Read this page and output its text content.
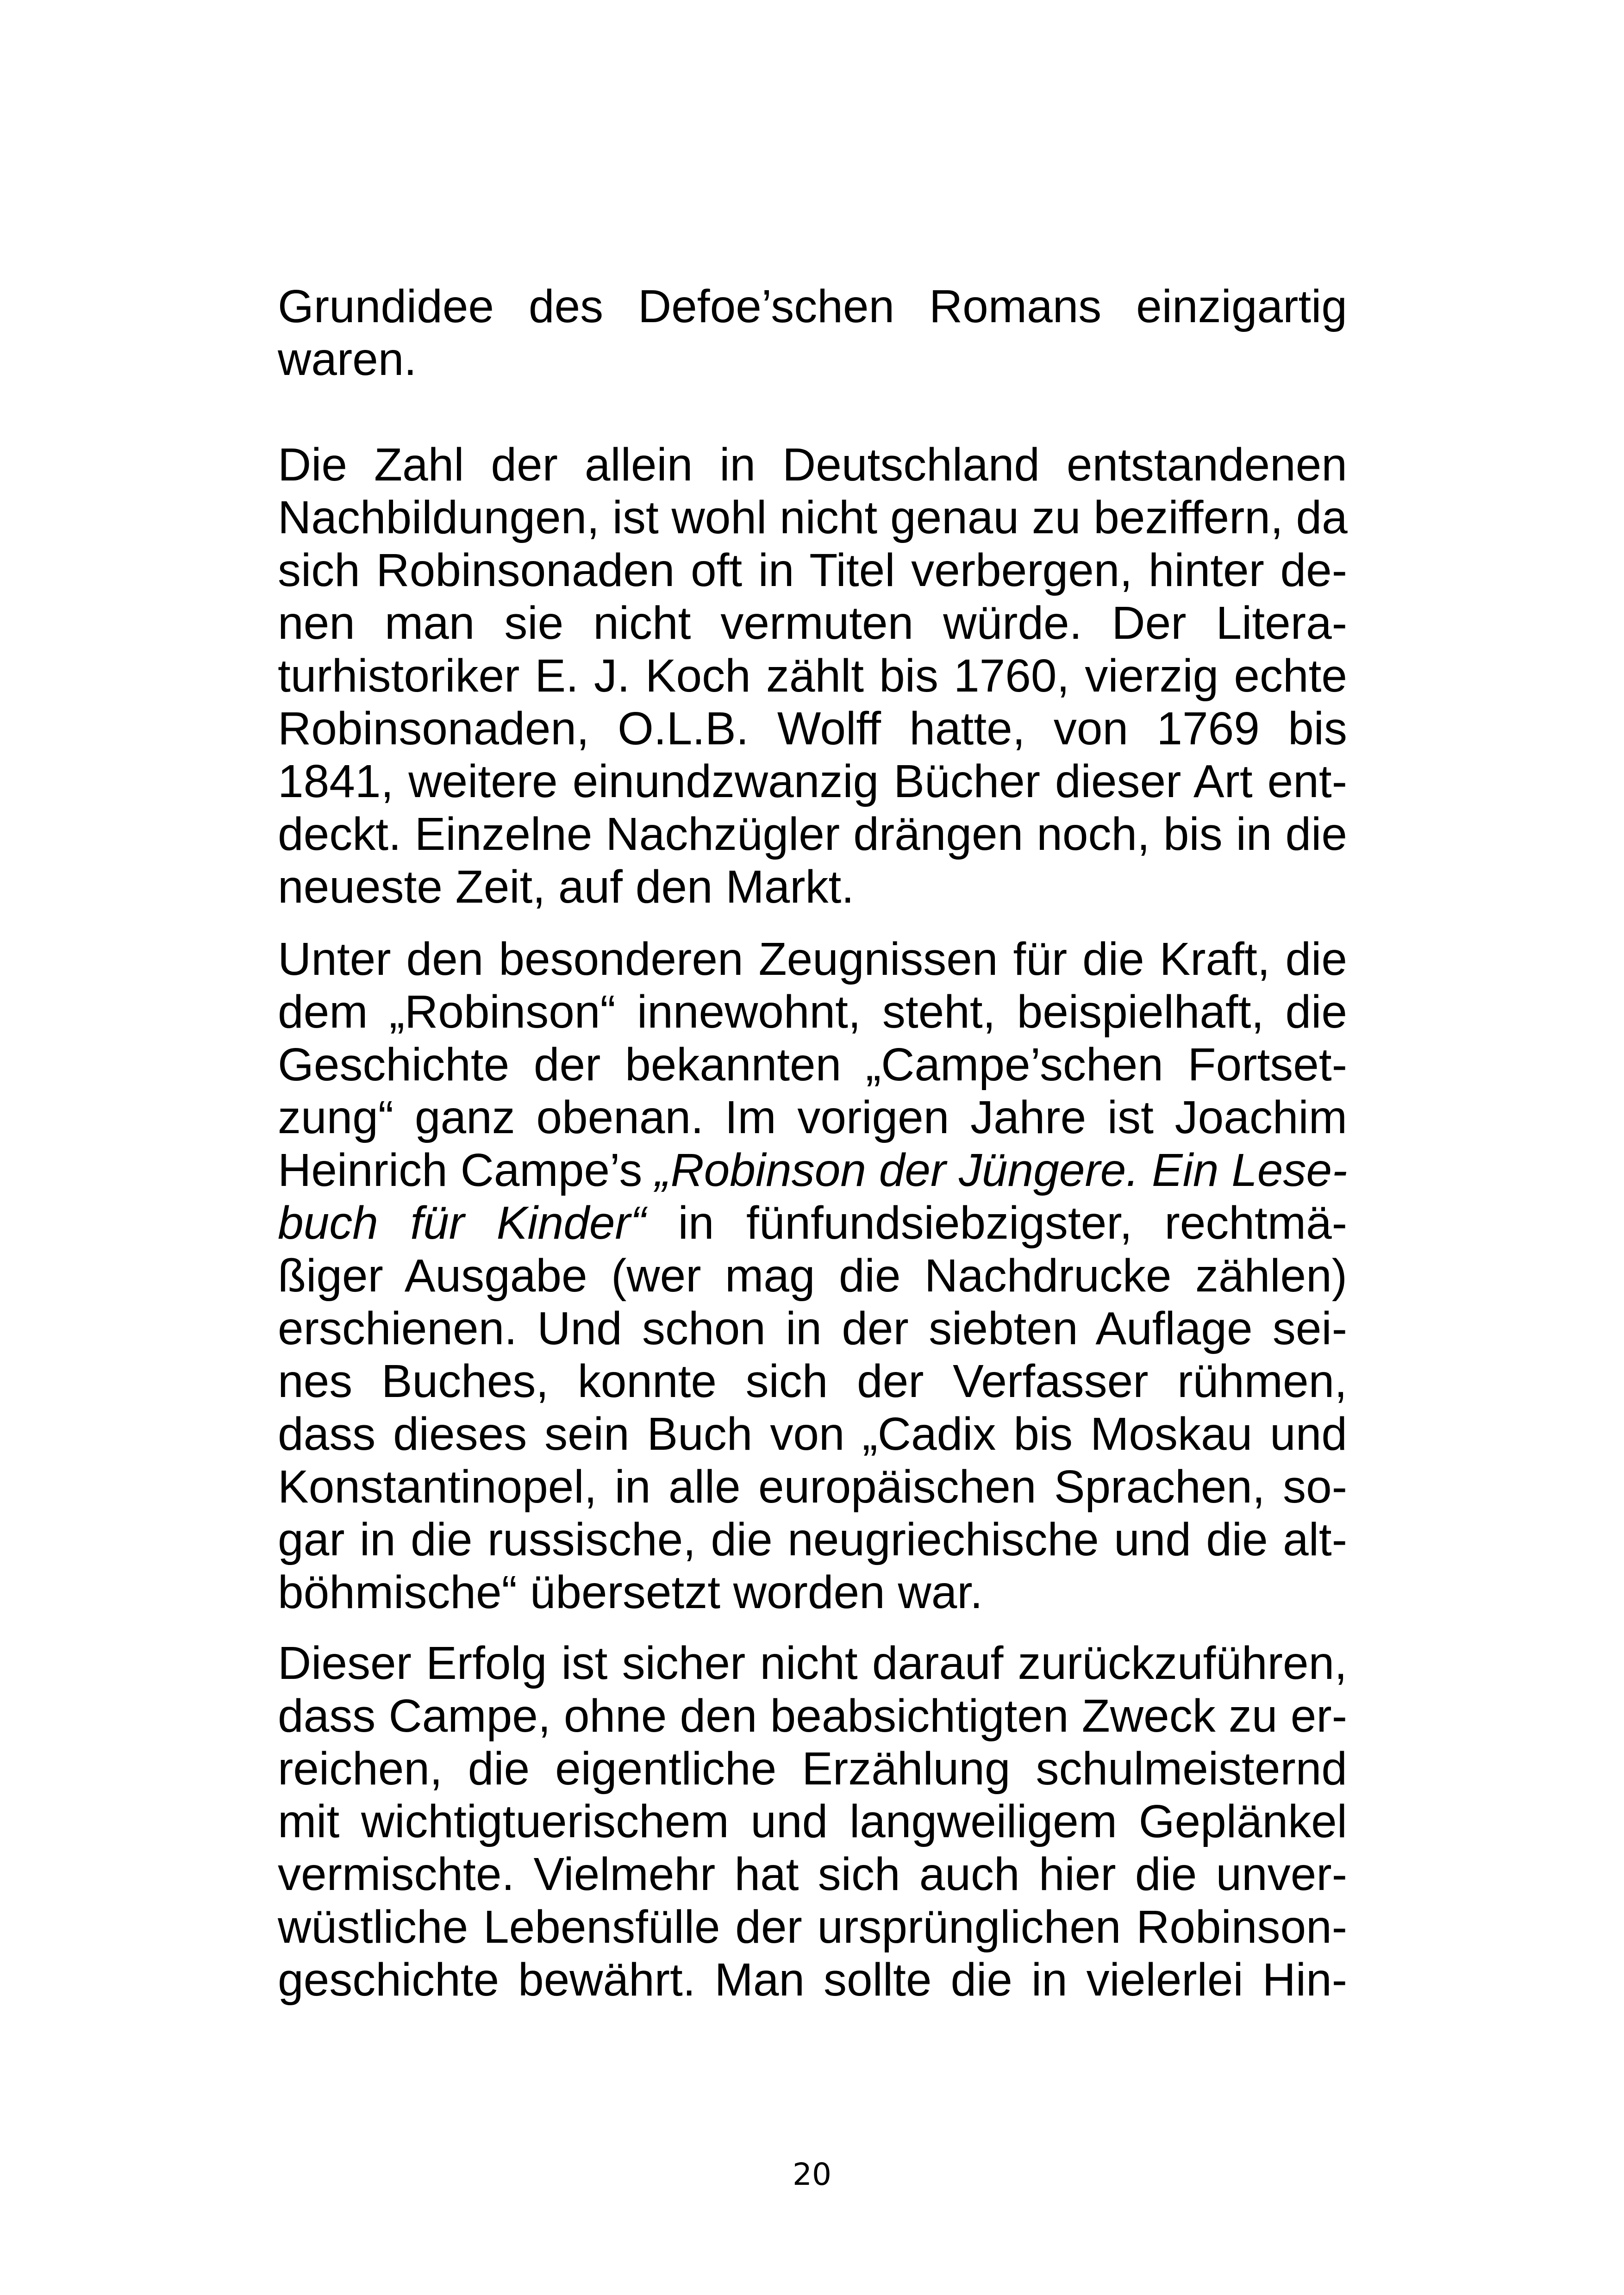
Grundidee des Defoe’schen Romans einzigartig
waren.
Die Zahl der allein in Deutschland entstandenen
Nachbildungen, ist wohl nicht genau zu beziffern, da
sich Robinsonaden oft in Titel verbergen, hinter de-
nen man sie nicht vermuten würde. Der Litera-
turhistoriker E. J. Koch zählt bis 1760, vierzig echte
Robinsonaden, O.L.B. Wolff hatte, von 1769 bis
1841, weitere einundzwanzig Bücher dieser Art ent-
deckt. Einzelne Nachzügler drängen noch, bis in die
neueste Zeit, auf den Markt.
Unter den besonderen Zeugnissen für die Kraft, die
dem „Robinson“ innewohnt, steht, beispielhaft, die
Geschichte der bekannten „Campe’schen Fortset-
zung“ ganz obenan. Im vorigen Jahre ist Joachim
Heinrich Campe’s „Robinson der Jüngere. Ein Lese-
buch für Kinder“ in fünfundsiebzigster, rechtmä-
ßiger Ausgabe (wer mag die Nachdrucke zählen)
erschienen. Und schon in der siebten Auflage sei-
nes Buches, konnte sich der Verfasser rühmen,
dass dieses sein Buch von „Cadix bis Moskau und
Konstantinopel, in alle europäischen Sprachen, so-
gar in die russische, die neugriechische und die alt-
böhmische“ übersetzt worden war.
Dieser Erfolg ist sicher nicht darauf zurückzuführen,
dass Campe, ohne den beabsichtigten Zweck zu er-
reichen, die eigentliche Erzählung schulmeisternd
mit wichtigtuerischem und langweiligem Geplänkel
vermischte. Vielmehr hat sich auch hier die unver-
wüstliche Lebensfülle der ursprünglichen Robinson-
geschichte bewährt. Man sollte die in vielerlei Hin-
20
